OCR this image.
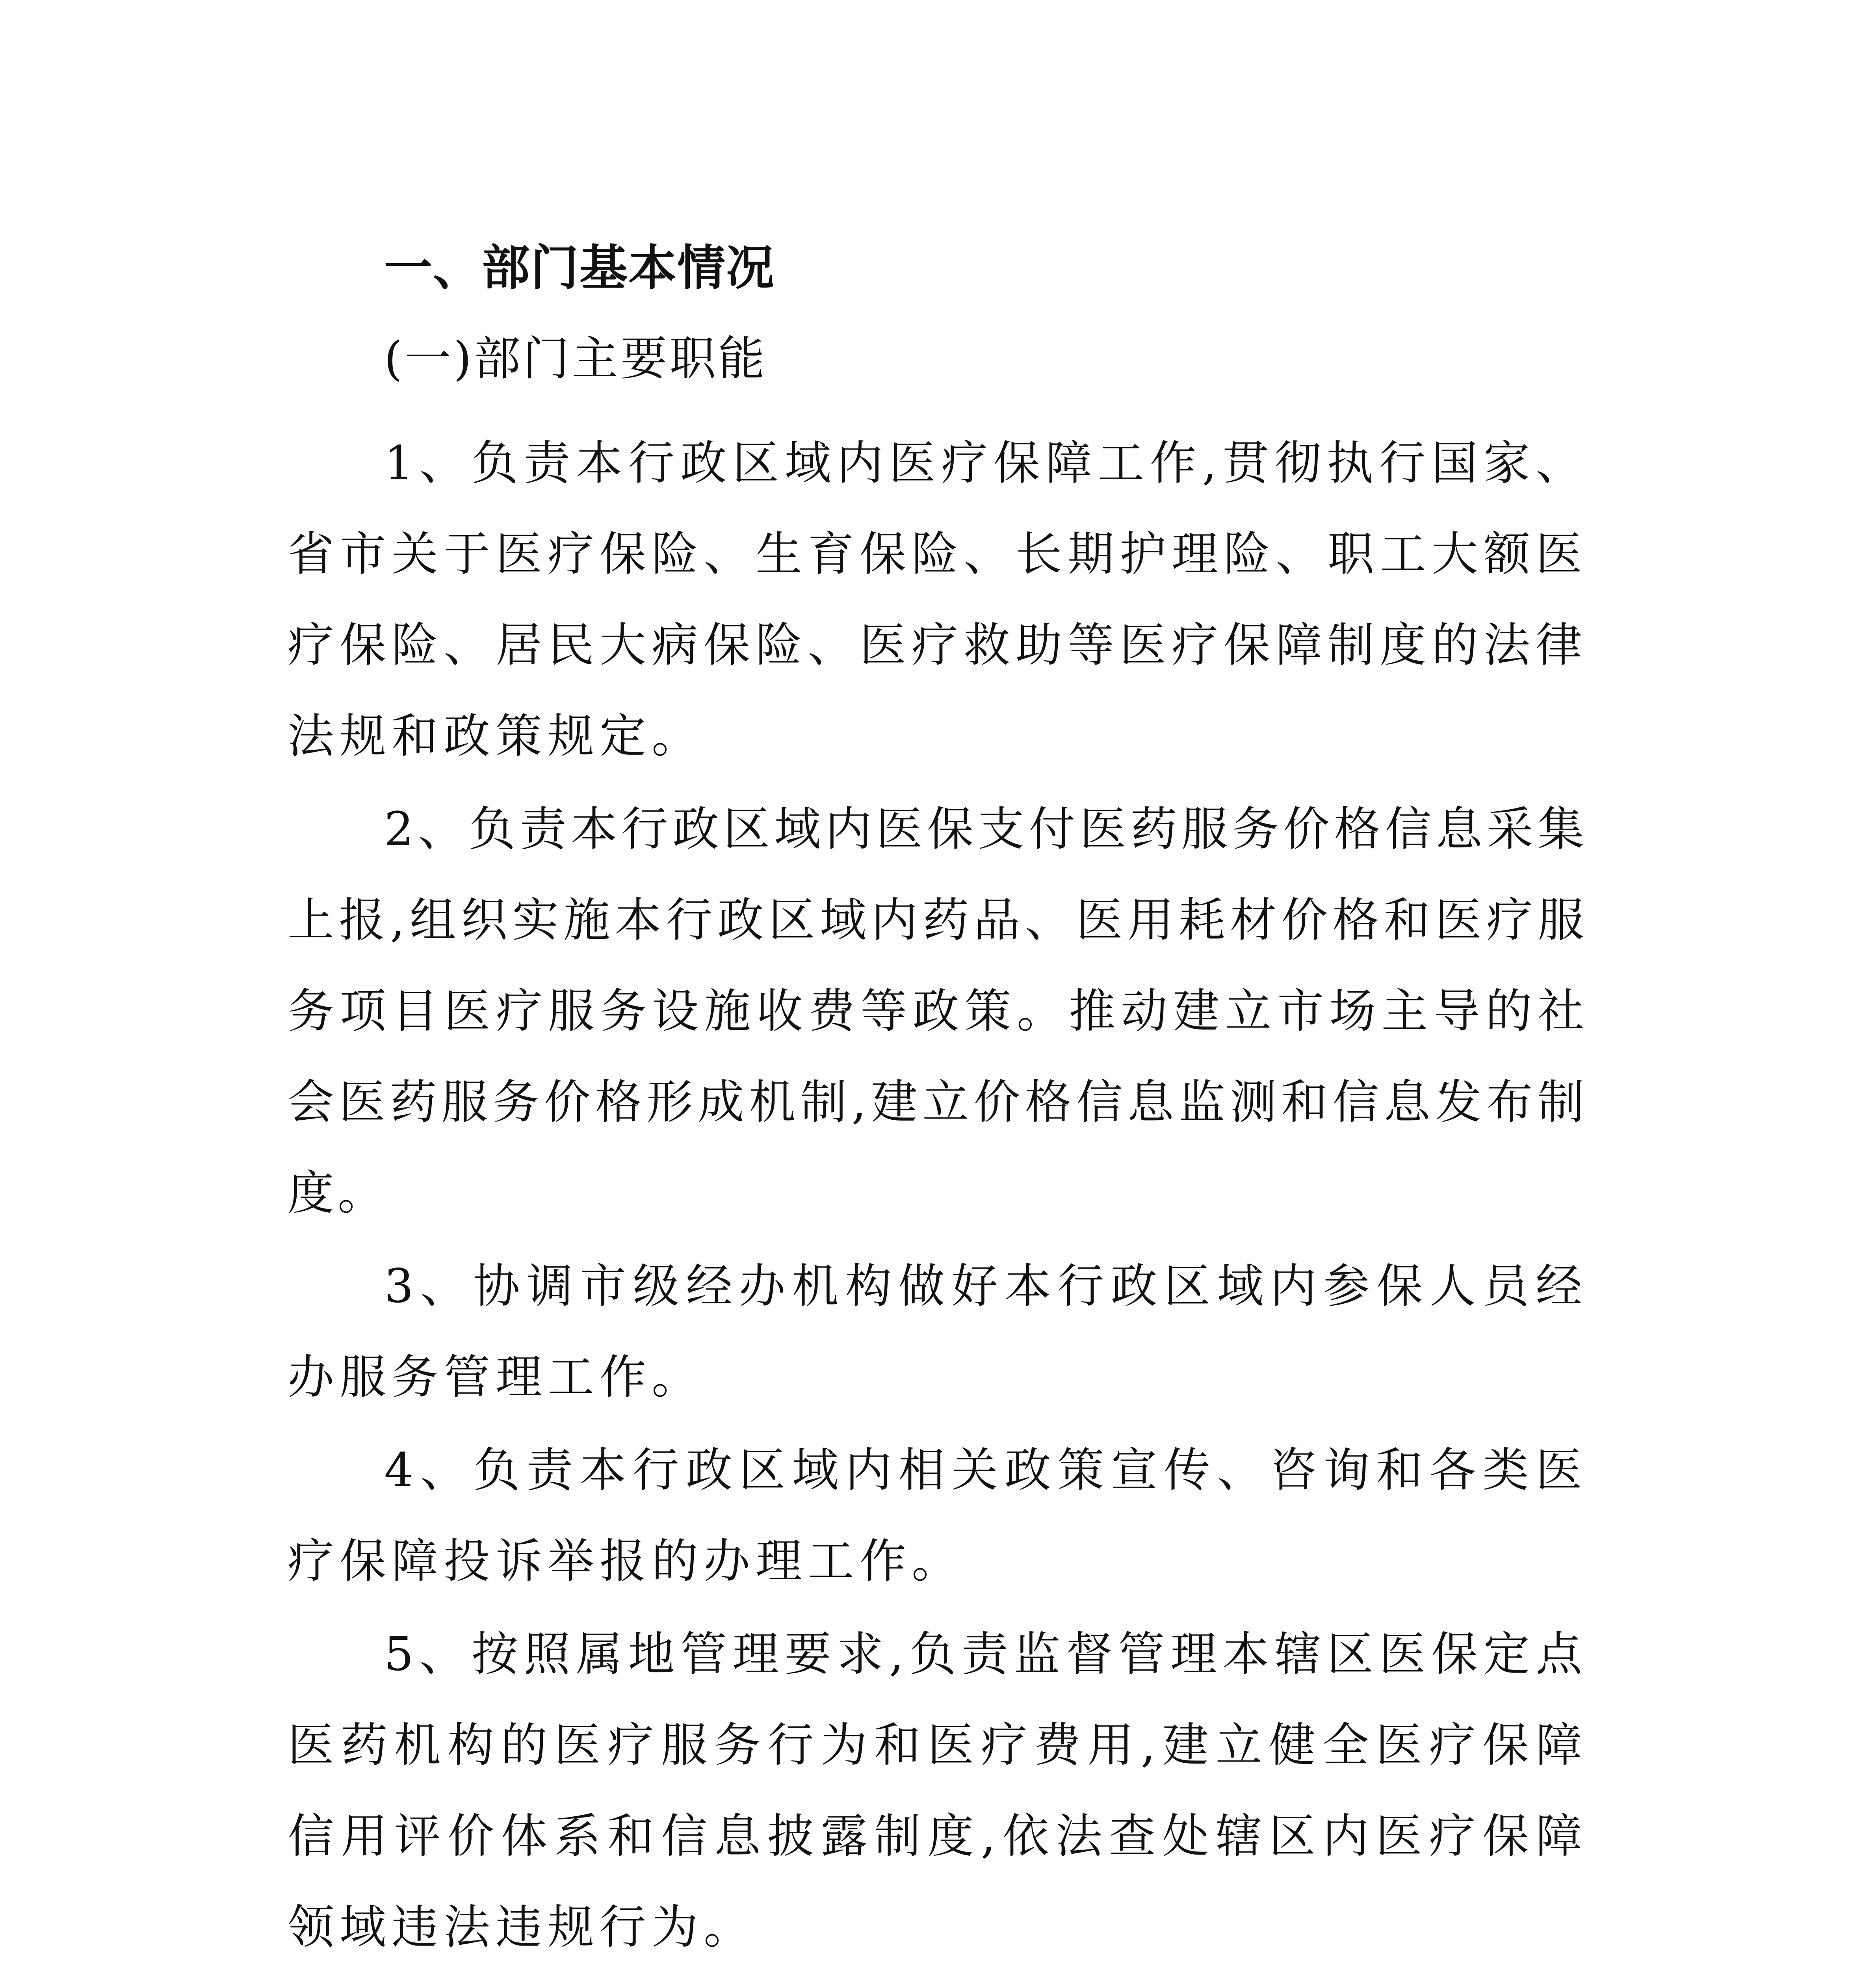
一、部门基本情况
(一)部门主要职能

1、负责本行政区域内医疗保障工作,贯彻执行国家、省市关于医疗保险、生育保险、长期护理险、职工大额医疗保险、居民大病保险、医疗救助等医疗保障制度的法律法规和政策规定。

2、负责本行政区域内医保支付医药服务价格信息采集上报,组织实施本行政区域内药品、医用耗材价格和医疗服务项目医疗服务设施收费等政策。推动建立市场主导的社会医药服务价格形成机制,建立价格信息监测和信息发布制度。

3、协调市级经办机构做好本行政区域内参保人员经办服务管理工作。

4、负责本行政区域内相关政策宣传、咨询和各类医疗保障投诉举报的办理工作。

5、按照属地管理要求,负责监督管理本辖区医保定点医药机构的医疗服务行为和医疗费用,建立健全医疗保障信用评价体系和信息披露制度,依法查处辖区内医疗保障领域违法违规行为。
